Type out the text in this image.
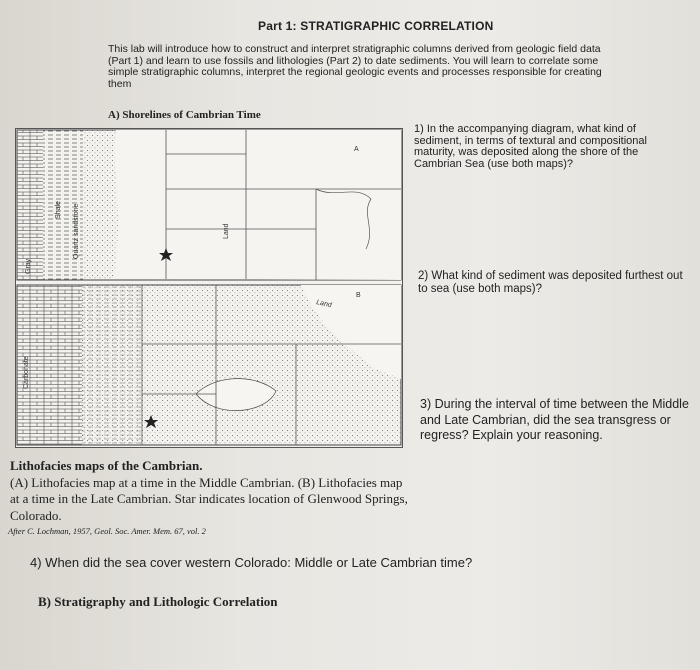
Part 1: STRATIGRAPHIC CORRELATION
This lab will introduce how to construct and interpret stratigraphic columns derived from geologic field data (Part 1) and learn to use fossils and lithologies (Part 2) to date sediments. You will learn to correlate some simple stratigraphic columns, interpret the regional geologic events and processes responsible for creating them
A) Shorelines of Cambrian Time
A
Land
Gray
Shale Quartz sandstone
B
Land
Carbonate
1) In the accompanying diagram, what kind of sediment, in terms of textural and compositional maturity, was deposited along the shore of the Cambrian Sea (use both maps)?
2) What kind of sediment was deposited furthest out to sea (use both maps)?
3) During the interval of time between the Middle and Late Cambrian, did the sea transgress or regress? Explain your reasoning.
Lithofacies maps of the Cambrian.
(A) Lithofacies map at a time in the Middle Cambrian. (B) Lithofacies map at a time in the Late Cambrian. Star indicates location of Glenwood Springs, Colorado.
After C. Lochman, 1957, Geol. Soc. Amer. Mem. 67, vol. 2
4) When did the sea cover western Colorado: Middle or Late Cambrian time?
B) Stratigraphy and Lithologic Correlation
